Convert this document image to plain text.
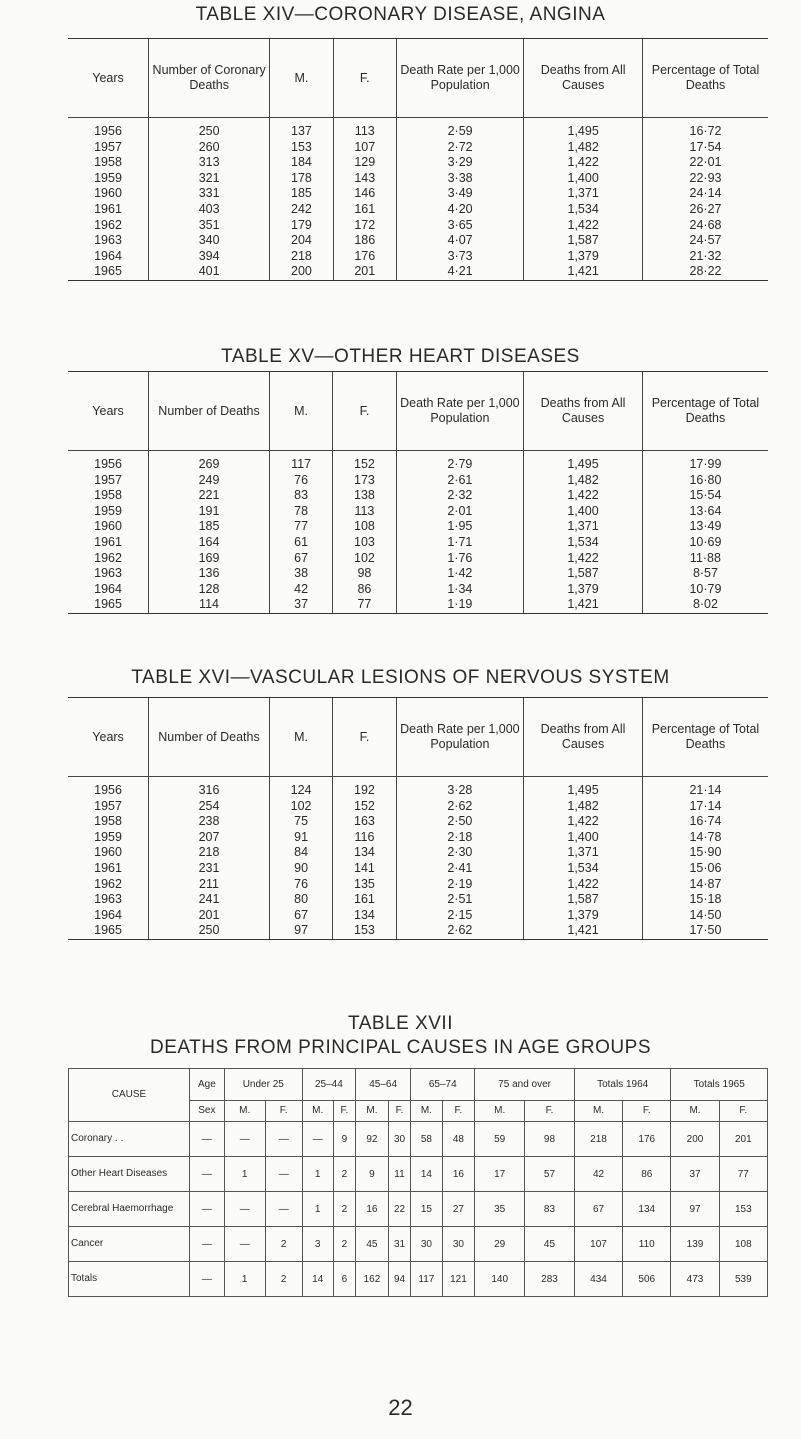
TABLE XIV—CORONARY DISEASE, ANGINA
Years	Number of Coronary Deaths	M.	F.	Death Rate per 1,000 Population	Deaths from All Causes	Percentage of Total Deaths
1956	250	137	113	2·59	1,495	16·72
1957	260	153	107	2·72	1,482	17·54
1958	313	184	129	3·29	1,422	22·01
1959	321	178	143	3·38	1,400	22·93
1960	331	185	146	3·49	1,371	24·14
1961	403	242	161	4·20	1,534	26·27
1962	351	179	172	3·65	1,422	24·68
1963	340	204	186	4·07	1,587	24·57
1964	394	218	176	3·73	1,379	21·32
1965	401	200	201	4·21	1,421	28·22
TABLE XV—OTHER HEART DISEASES
Years	Number of Deaths	M.	F.	Death Rate per 1,000 Population	Deaths from All Causes	Percentage of Total Deaths
1956	269	117	152	2·79	1,495	17·99
1957	249	76	173	2·61	1,482	16·80
1958	221	83	138	2·32	1,422	15·54
1959	191	78	113	2·01	1,400	13·64
1960	185	77	108	1·95	1,371	13·49
1961	164	61	103	1·71	1,534	10·69
1962	169	67	102	1·76	1,422	11·88
1963	136	38	98	1·42	1,587	8·57
1964	128	42	86	1·34	1,379	10·79
1965	114	37	77	1·19	1,421	8·02
TABLE XVI—VASCULAR LESIONS OF NERVOUS SYSTEM
Years	Number of Deaths	M.	F.	Death Rate per 1,000 Population	Deaths from All Causes	Percentage of Total Deaths
1956	316	124	192	3·28	1,495	21·14
1957	254	102	152	2·62	1,482	17·14
1958	238	75	163	2·50	1,422	16·74
1959	207	91	116	2·18	1,400	14·78
1960	218	84	134	2·30	1,371	15·90
1961	231	90	141	2·41	1,534	15·06
1962	211	76	135	2·19	1,422	14·87
1963	241	80	161	2·51	1,587	15·18
1964	201	67	134	2·15	1,379	14·50
1965	250	97	153	2·62	1,421	17·50
TABLE XVII
DEATHS FROM PRINCIPAL CAUSES IN AGE GROUPS
CAUSE	Age	Under 25		25–44		45–64		65–74		75 and over		Totals 1964		Totals 1965	
	Sex	M.	F.	M.	F.	M.	F.	M.	F.	M.	F.	M.	F.	M.	F.
Coronary . .	—	—	—	—	9	92	30	58	48	59	98	218	176	200	201
Other Heart Diseases	—	1	—	1	2	9	11	14	16	17	57	42	86	37	77
Cerebral Haemorrhage	—	—	—	1	2	16	22	15	27	35	83	67	134	97	153
Cancer	—	—	2	3	2	45	31	30	30	29	45	107	110	139	108
Totals	—	1	2	14	6	162	94	117	121	140	283	434	506	473	539
22
